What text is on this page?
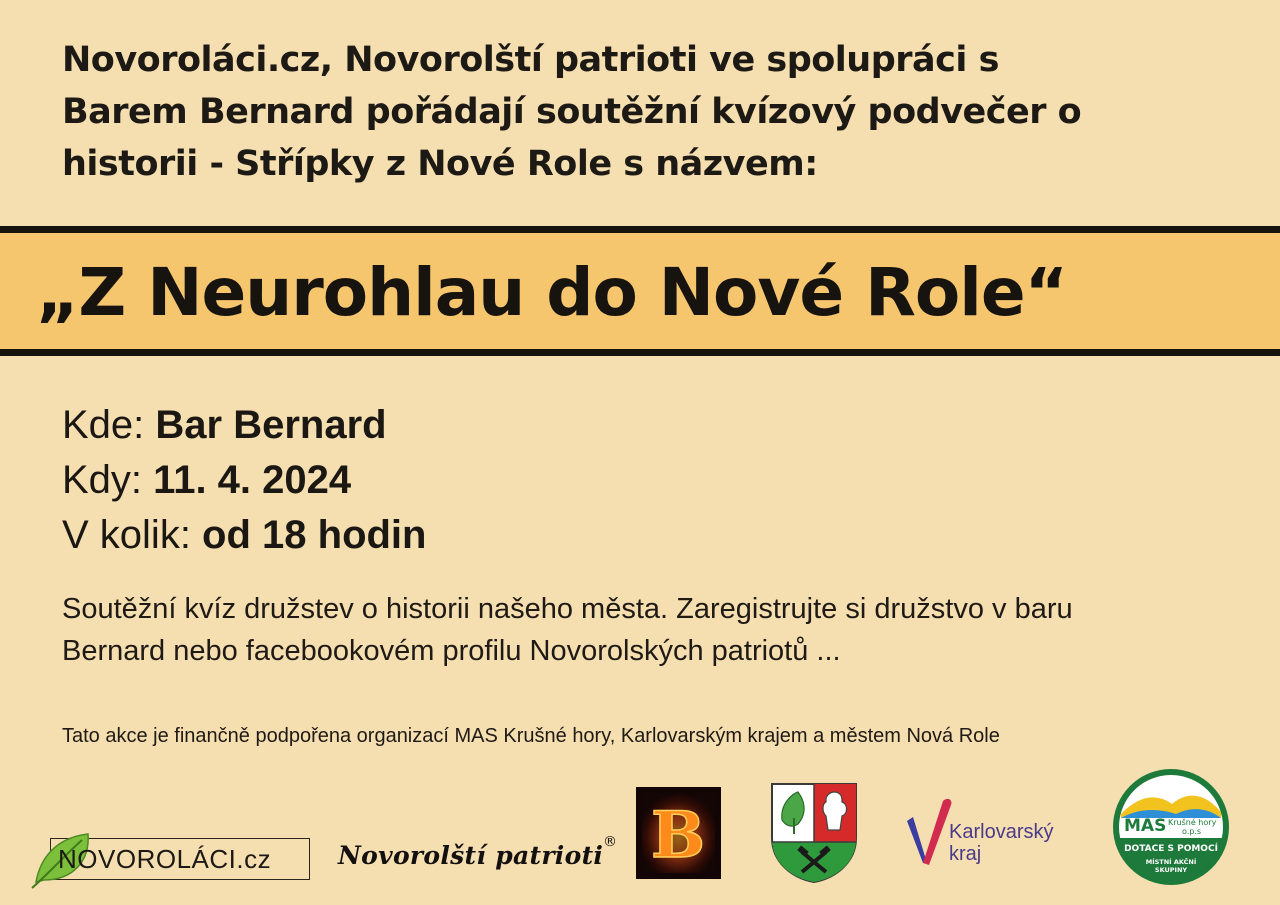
Novoroláci.cz, Novorolští patrioti ve spolupráci s
Barem Bernard pořádají soutěžní kvízový podvečer o
historii - Střípky z Nové Role s názvem:
„Z Neurohlau do Nové Role“
Kde: Bar Bernard
Kdy: 11. 4. 2024
V kolik: od 18 hodin
Soutěžní kvíz družstev o historii našeho města. Zaregistrujte si družstvo v baru
Bernard nebo facebookovém profilu Novorolských patriotů ...
Tato akce je finančně podpořena organizací MAS Krušné hory, Karlovarským krajem a městem Nová Role
NOVOROLÁCI.cz	Novorolští patrioti ® B	Karlovarský
kraj
MAS Krušné hory
o.p.s
DOTACE S POMOCÍ
MÍSTNÍ AKČNÍ
SKUPINY
